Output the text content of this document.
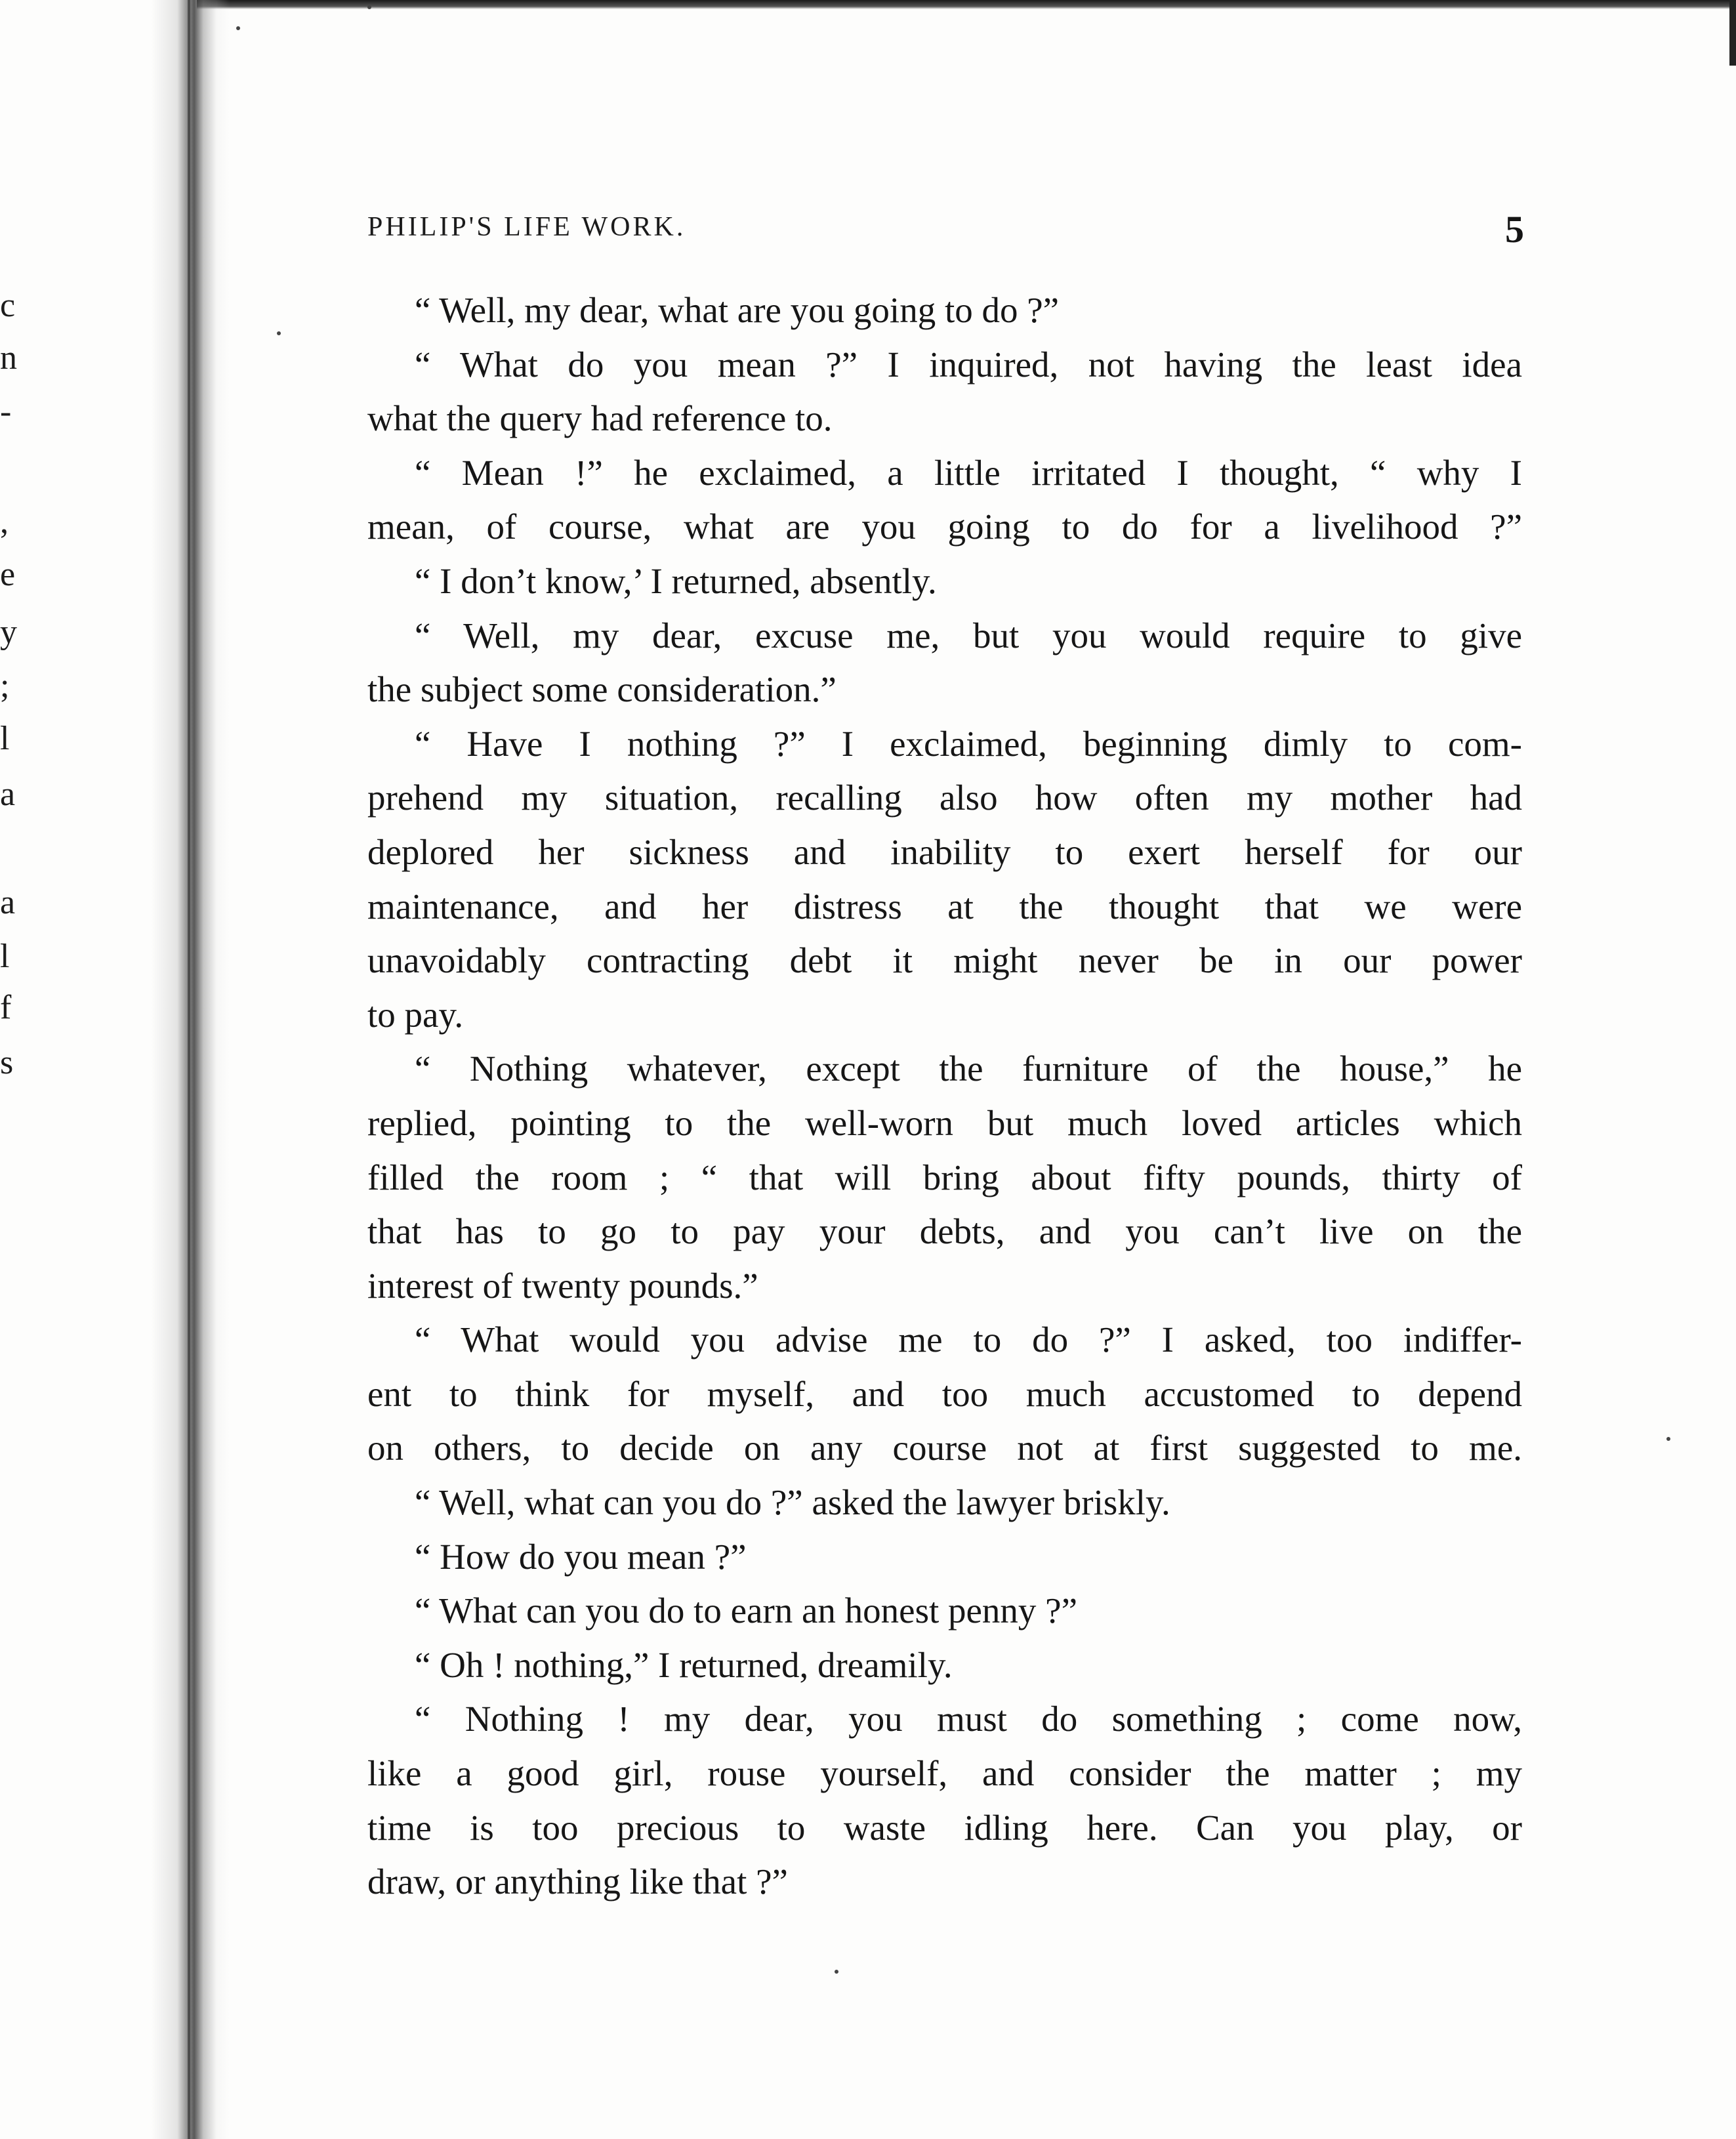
c
n
-
,
e
y
;
l
a
a
l
f
s
PHILIP'S LIFE WORK.	5
“ Well, my dear, what are you going to do ?”
“ What do you mean ?” I inquired, not having the least idea
what the query had reference to.
“ Mean !” he exclaimed, a little irritated I thought, “ why I
mean, of course, what are you going to do for a livelihood ?”
“ I don’t know,’ I returned, absently.
“ Well, my dear, excuse me, but you would require to give
the subject some consideration.”
“ Have I nothing ?” I exclaimed, beginning dimly to com-
prehend my situation, recalling also how often my mother had
deplored her sickness and inability to exert herself for our
maintenance, and her distress at the thought that we were
unavoidably contracting debt it might never be in our power
to pay.
“ Nothing whatever, except the furniture of the house,” he
replied, pointing to the well-worn but much loved articles which
filled the room ; “ that will bring about fifty pounds, thirty of
that has to go to pay your debts, and you can’t live on the
interest of twenty pounds.”
“ What would you advise me to do ?” I asked, too indiffer-
ent to think for myself, and too much accustomed to depend
on others, to decide on any course not at first suggested to me.
“ Well, what can you do ?” asked the lawyer briskly.
“ How do you mean ?”
“ What can you do to earn an honest penny ?”
“ Oh ! nothing,” I returned, dreamily.
“ Nothing ! my dear, you must do something ; come now,
like a good girl, rouse yourself, and consider the matter ; my
time is too precious to waste idling here. Can you play, or
draw, or anything like that ?”
